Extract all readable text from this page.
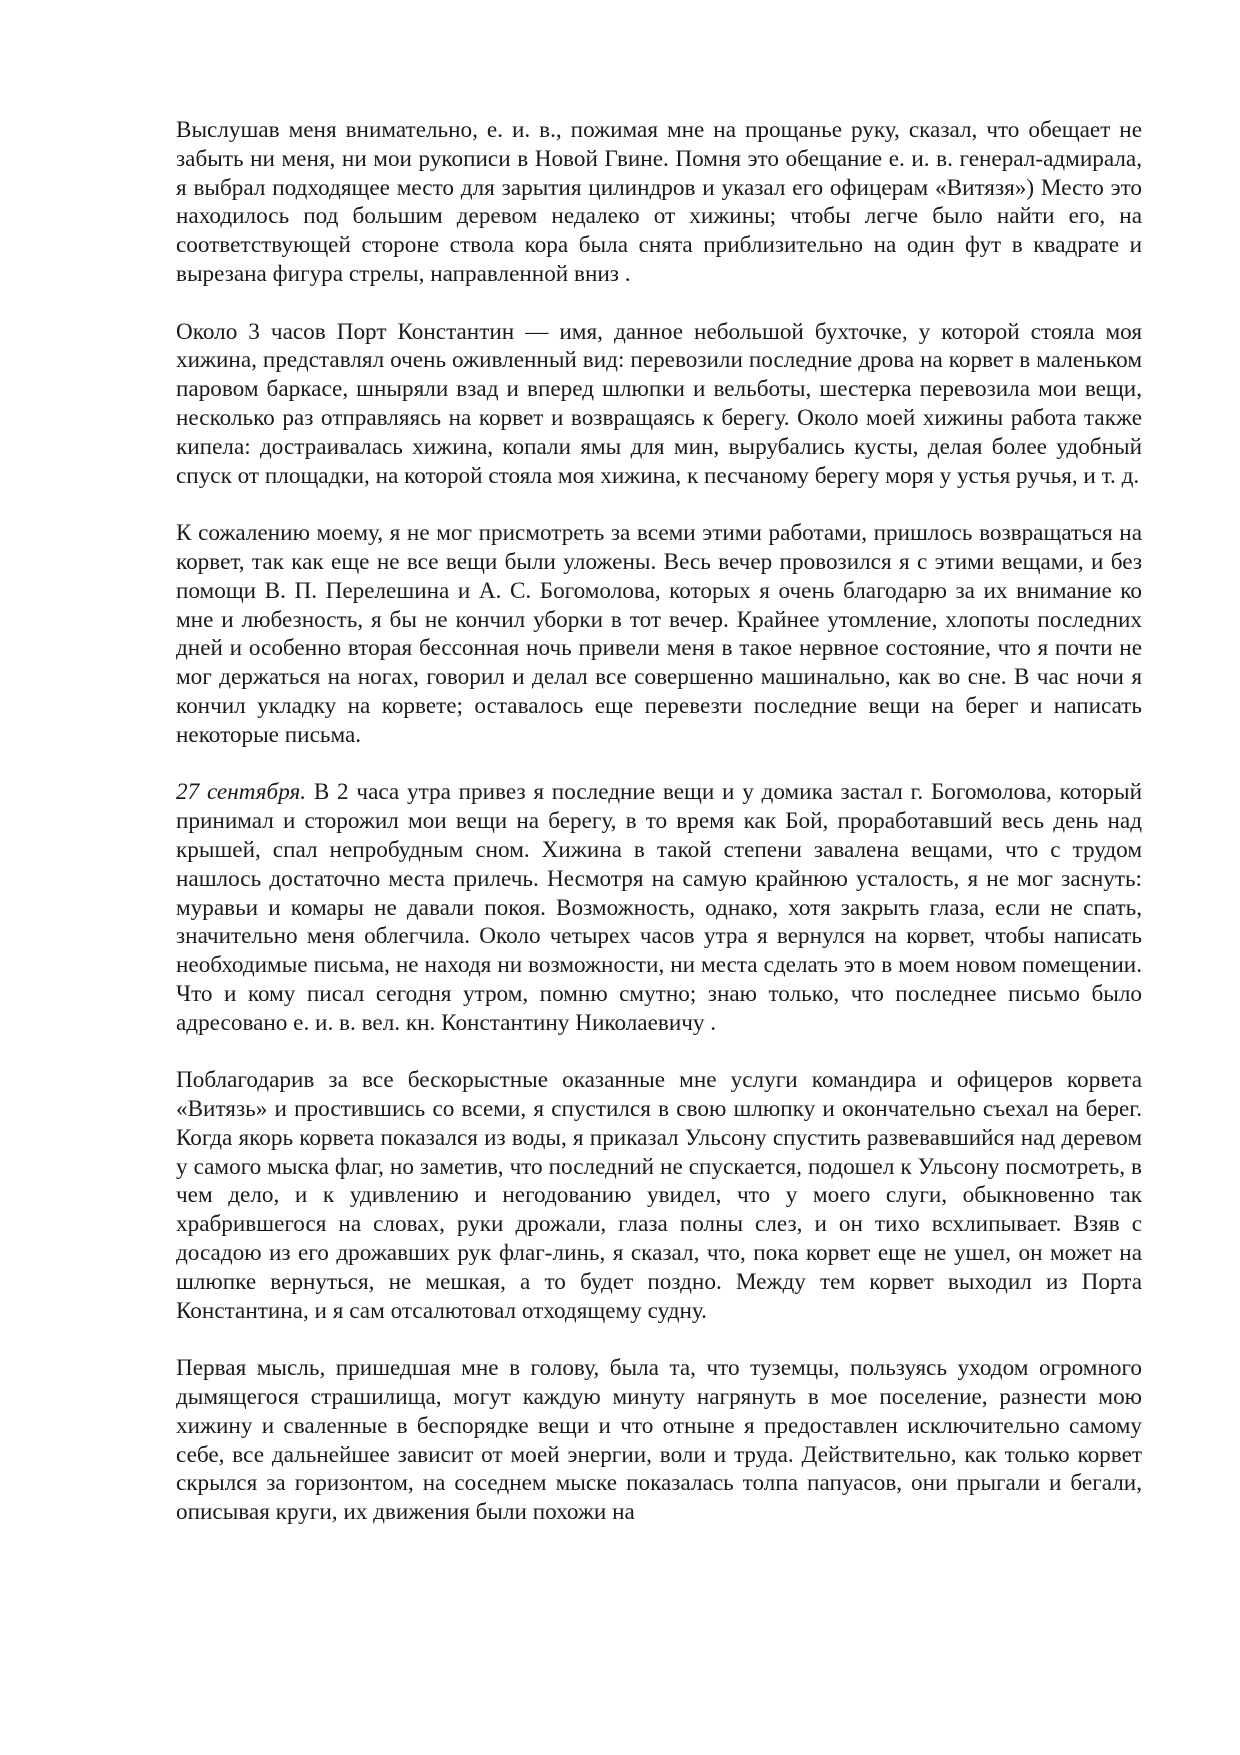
Выслушав меня внимательно, е. и. в., пожимая мне на прощанье руку, сказал, что обещает не забыть ни меня, ни мои рукописи в Новой Гвине. Помня это обещание е. и. в. генерал-адмирала, я выбрал подходящее место для зарытия цилиндров и указал его офицерам «Витязя») Место это находилось под большим деревом недалеко от хижины; чтобы легче было найти его, на соответствующей стороне ствола кора была снята приблизительно на один фут в квадрате и вырезана фигура стрелы, направленной вниз .

Около 3 часов Порт Константин — имя, данное небольшой бухточке, у которой стояла моя хижина, представлял очень оживленный вид: перевозили последние дрова на корвет в маленьком паровом баркасе, шныряли взад и вперед шлюпки и вельботы, шестерка перевозила мои вещи, несколько раз отправляясь на корвет и возвращаясь к берегу. Около моей хижины работа также кипела: достраивалась хижина, копали ямы для мин, вырубались кусты, делая более удобный спуск от площадки, на которой стояла моя хижина, к песчаному берегу моря у устья ручья, и т. д.

К сожалению моему, я не мог присмотреть за всеми этими работами, пришлось возвращаться на корвет, так как еще не все вещи были уложены. Весь вечер провозился я с этими вещами, и без помощи В. П. Перелешина и А. С. Богомолова, которых я очень благодарю за их внимание ко мне и любезность, я бы не кончил уборки в тот вечер. Крайнее утомление, хлопоты последних дней и особенно вторая бессонная ночь привели меня в такое нервное состояние, что я почти не мог держаться на ногах, говорил и делал все совершенно машинально, как во сне. В час ночи я кончил укладку на корвете; оставалось еще перевезти последние вещи на берег и написать некоторые письма.

27 сентября. В 2 часа утра привез я последние вещи и у домика застал г. Богомолова, который принимал и сторожил мои вещи на берегу, в то время как Бой, проработавший весь день над крышей, спал непробудным сном. Хижина в такой степени завалена вещами, что с трудом нашлось достаточно места прилечь. Несмотря на самую крайнюю усталость, я не мог заснуть: муравьи и комары не давали покоя. Возможность, однако, хотя закрыть глаза, если не спать, значительно меня облегчила. Около четырех часов утра я вернулся на корвет, чтобы написать необходимые письма, не находя ни возможности, ни места сделать это в моем новом помещении. Что и кому писал сегодня утром, помню смутно; знаю только, что последнее письмо было адресовано е. и. в. вел. кн. Константину Николаевичу .

Поблагодарив за все бескорыстные оказанные мне услуги командира и офицеров корвета «Витязь» и простившись со всеми, я спустился в свою шлюпку и окончательно съехал на берег. Когда якорь корвета показался из воды, я приказал Ульсону спустить развевавшийся над деревом у самого мыска флаг, но заметив, что последний не спускается, подошел к Ульсону посмотреть, в чем дело, и к удивлению и негодованию увидел, что у моего слуги, обыкновенно так храбрившегося на словах, руки дрожали, глаза полны слез, и он тихо всхлипывает. Взяв с досадою из его дрожавших рук флаг-линь, я сказал, что, пока корвет еще не ушел, он может на шлюпке вернуться, не мешкая, а то будет поздно. Между тем корвет выходил из Порта Константина, и я сам отсалютовал отходящему судну.

Первая мысль, пришедшая мне в голову, была та, что туземцы, пользуясь уходом огромного дымящегося страшилища, могут каждую минуту нагрянуть в мое поселение, разнести мою хижину и сваленные в беспорядке вещи и что отныне я предоставлен исключительно самому себе, все дальнейшее зависит от моей энергии, воли и труда. Действительно, как только корвет скрылся за горизонтом, на соседнем мыске показалась толпа папуасов, они прыгали и бегали, описывая круги, их движения были похожи на
